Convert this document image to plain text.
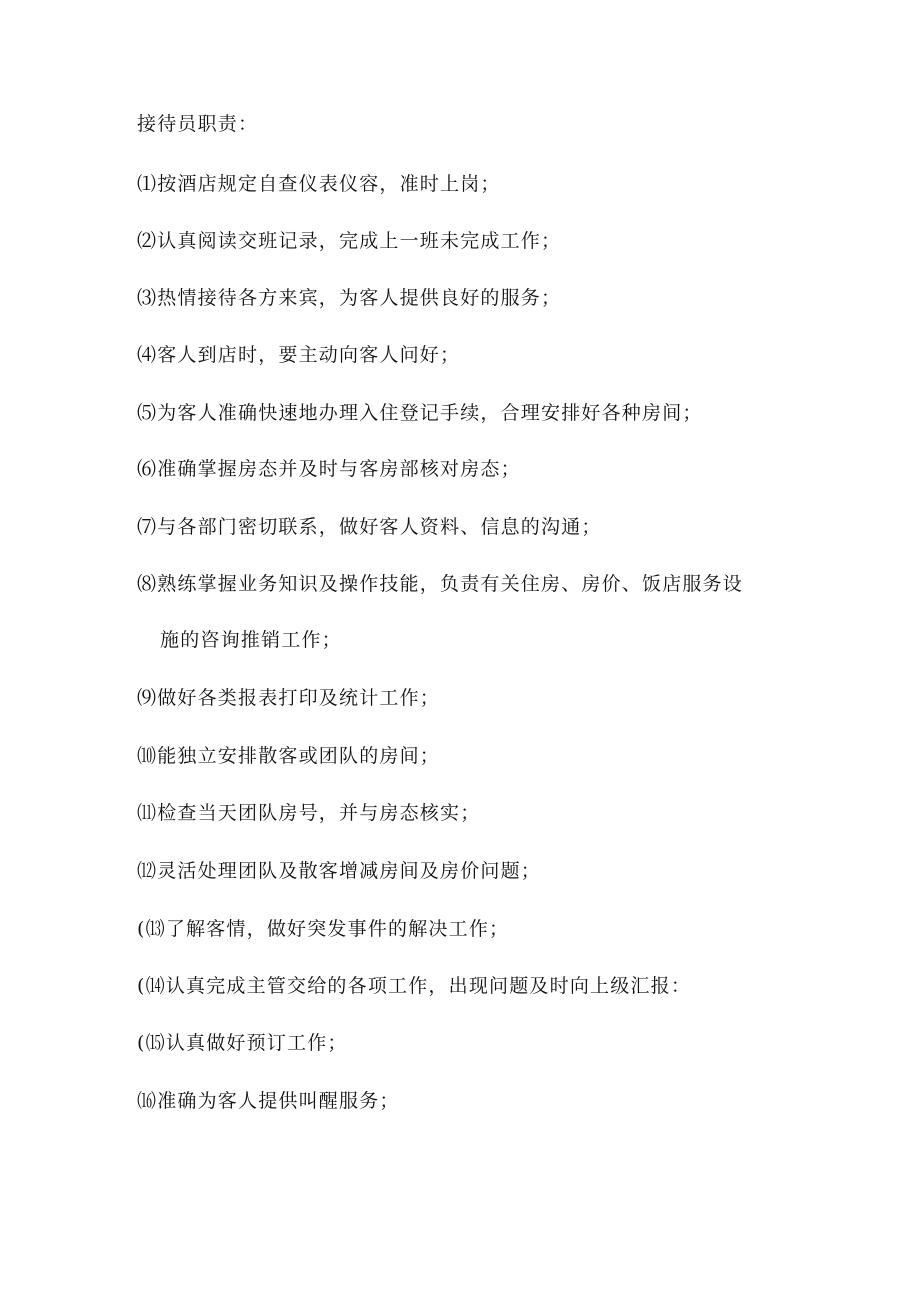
接待员职责：
⑴按酒店规定自查仪表仪容，准时上岗；
⑵认真阅读交班记录，完成上一班未完成工作；
⑶热情接待各方来宾，为客人提供良好的服务；
⑷客人到店时，要主动向客人问好；
⑸为客人准确快速地办理入住登记手续，合理安排好各种房间；
⑹准确掌握房态并及时与客房部核对房态；
⑺与各部门密切联系，做好客人资料、信息的沟通；
⑻熟练掌握业务知识及操作技能，负责有关住房、房价、饭店服务设
施的咨询推销工作；
⑼做好各类报表打印及统计工作；
⑽能独立安排散客或团队的房间；
⑾检查当天团队房号，并与房态核实；
⑿灵活处理团队及散客增减房间及房价问题；
(⒀了解客情，做好突发事件的解决工作；
(⒁认真完成主管交给的各项工作，出现问题及时向上级汇报：
(⒂认真做好预订工作；
⒃准确为客人提供叫醒服务；
